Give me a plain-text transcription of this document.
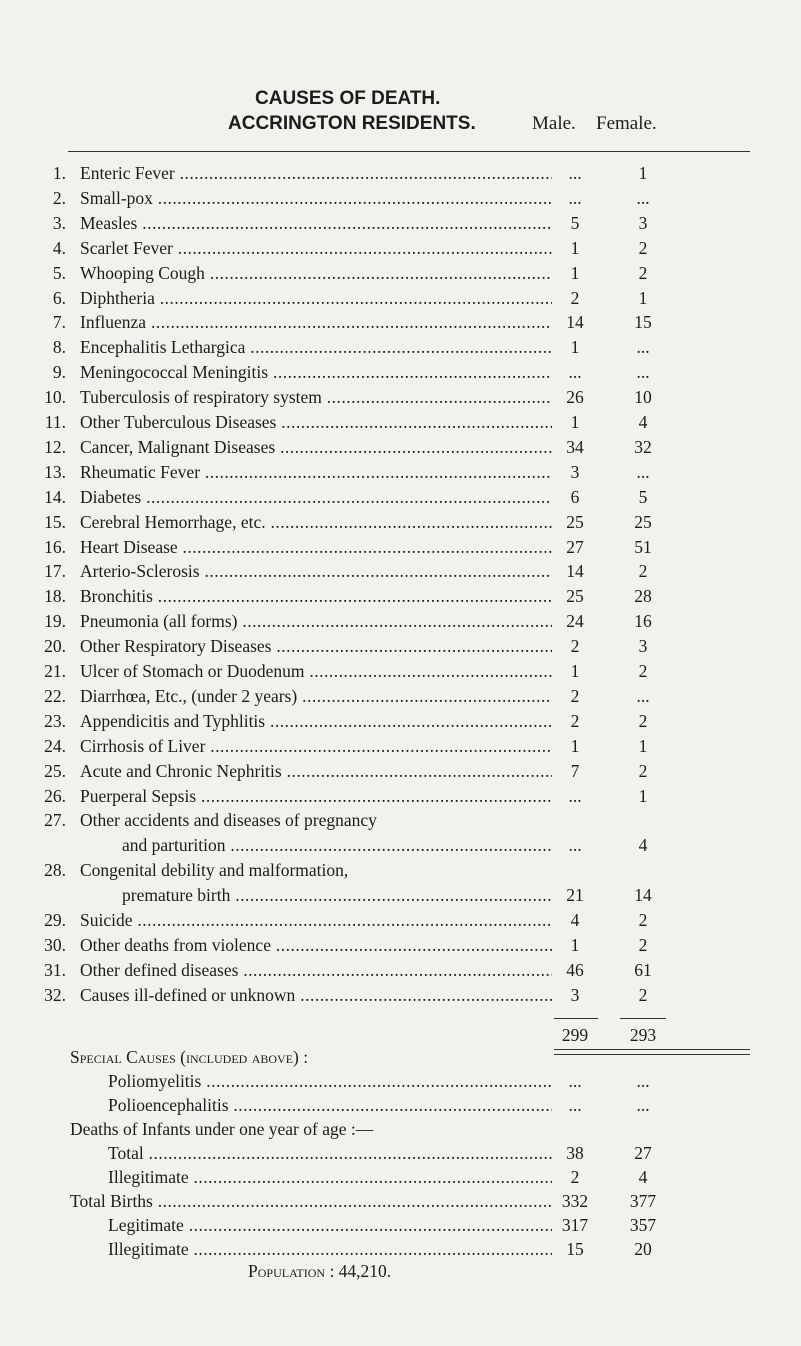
CAUSES OF DEATH.
ACCRINGTON RESIDENTS.	Male. Female.
1. Enteric Fever .....	...	1
2. Small-pox .....	...	...
3. Measles .....	5	3
4. Scarlet Fever .....	1	2
5. Whooping Cough .....	1	2
6. Diphtheria .....	2	1
7. Influenza .....	14	15
8. Encephalitis Lethargica .....	1	...
9. Meningococcal Meningitis .....	...	...
10. Tuberculosis of respiratory system .....	26	10
11. Other Tuberculous Diseases .....	1	4
12. Cancer, Malignant Diseases .....	34	32
13. Rheumatic Fever .....	3	...
14. Diabetes .....	6	5
15. Cerebral Hemorrhage, etc. .....	25	25
16. Heart Disease .....	27	51
17. Arterio-Sclerosis .....	14	2
18. Bronchitis .....	25	28
19. Pneumonia (all forms) .....	24	16
20. Other Respiratory Diseases .....	2	3
21. Ulcer of Stomach or Duodenum .....	1	2
22. Diarrhœa, Etc., (under 2 years) .....	2	...
23. Appendicitis and Typhlitis .....	2	2
24. Cirrhosis of Liver .....	1	1
25. Acute and Chronic Nephritis .....	7	2
26. Puerperal Sepsis .....	...	1
27. Other accidents and diseases of pregnancy
and parturition .....	...	4
28. Congenital debility and malformation,
premature birth .....	21	14
29. Suicide .....	4	2
30. Other deaths from violence .....	1	2
31. Other defined diseases .....	46	61
32. Causes ill-defined or unknown .....	3	2
299	293
Special Causes (included above) :
Poliomyelitis .....	...	...
Polioencephalitis .....	...	...
Deaths of Infants under one year of age :—
Total .....	38	27
Illegitimate .....	2	4
Total Births .....	332	377
Legitimate .....	317	357
Illegitimate .....	15	20
Population : 44,210.
